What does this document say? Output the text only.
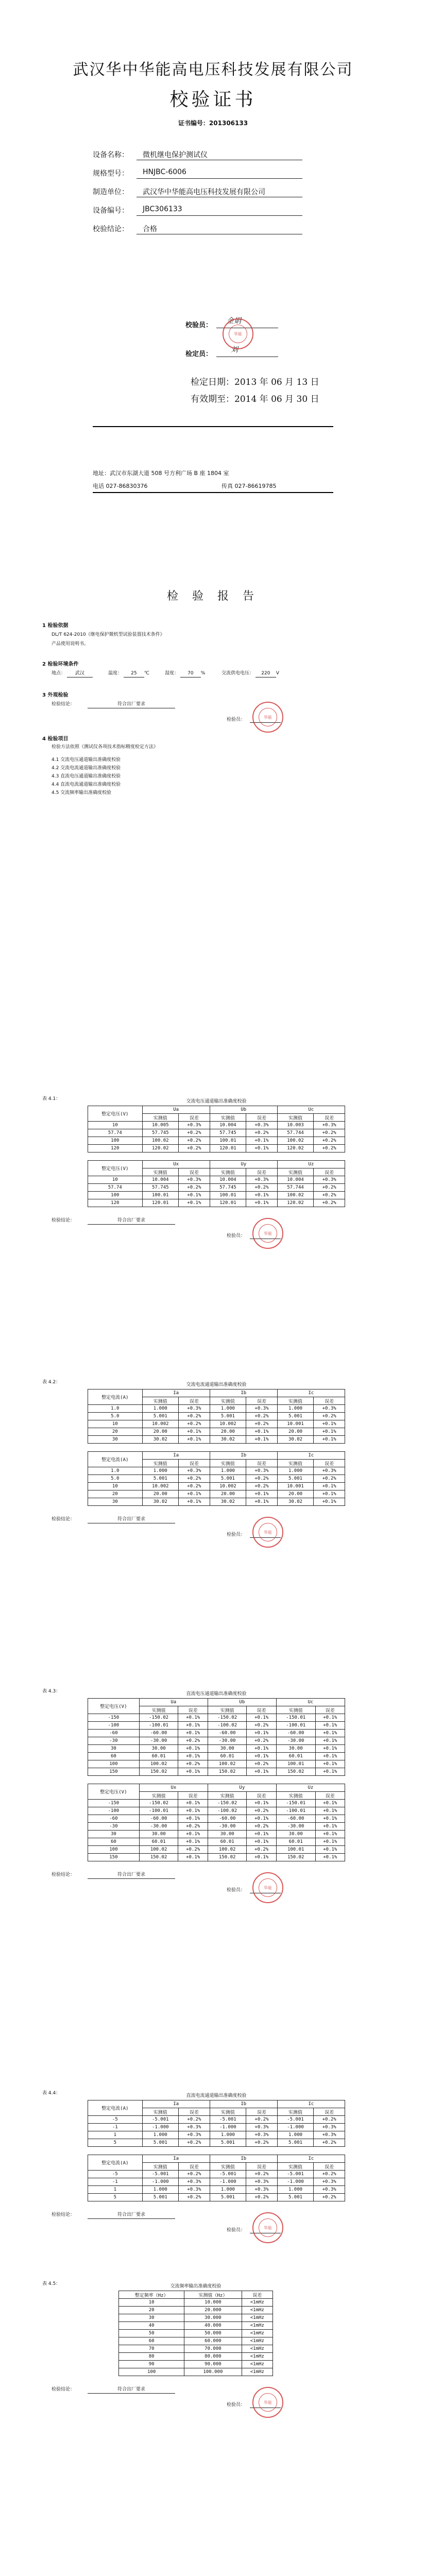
武汉华中华能高电压科技发展有限公司
校验证书
证书编号：201306133
设备名称：	微机继电保护测试仪
规格型号：	HNJBC-6006
制造单位：	武汉华中华能高电压科技发展有限公司
设备编号：	JBC306133
校验结论：	合格
校验员：
金娟
检定员：
刘
华能
检定日期：2013 年 06 月 13 日
有效期至：2014 年 06 月 30 日
地址：武汉市东湖大道 508 号方利广场 B 座 1804 室
电话 027-86830376	传真 027-86619785
检 验 报 告
1 检验依据
DL/T 624-2010《继电保护微机型试验装置技术条件》
产品使用说明书。
2 检验环境条件
地点： 武汉	温度： 25 ℃	湿度： 70 %	交流供电电压： 220 V
3 外观检验
检验结论：	符合出厂要求
检验员：	华能
4 检验项目
检验方法依照《测试仪各项技术指标精度检定方法》
4.1 交流电压通道输出准确度校验
4.2 交流电流通道输出准确度校验
4.3 直流电压通道输出准确度校验
4.4 直流电流通道输出准确度校验
4.5 交流频率输出准确度校验
表 4.1：	交流电压通道输出准确度校验
整定电压(V)	Ua		Ub		Uc	
	实测值	误差	实测值	误差	实测值	误差
10	10.005	+0.3%	10.004	+0.3%	10.003	+0.3%
57.74	57.745	+0.2%	57.745	+0.2%	57.744	+0.2%
100	100.02	+0.2%	100.01	+0.1%	100.02	+0.2%
120	120.02	+0.2%	120.01	+0.1%	120.02	+0.2%
整定电压(V)	Ux		Uy		Uz	
	实测值	误差	实测值	误差	实测值	误差
10	10.004	+0.3%	10.004	+0.3%	10.004	+0.3%
57.74	57.745	+0.2%	57.745	+0.2%	57.744	+0.2%
100	100.01	+0.1%	100.01	+0.1%	100.02	+0.2%
120	120.01	+0.1%	120.01	+0.1%	120.02	+0.2%
检验结论：	符合出厂要求
检验员：	华能
表 4.2：	交流电流通道输出准确度校验
整定电流(A)	Ia		Ib		Ic	
	实测值	误差	实测值	误差	实测值	误差
1.0	1.000	+0.3%	1.000	+0.3%	1.000	+0.3%
5.0	5.001	+0.2%	5.001	+0.2%	5.001	+0.2%
10	10.002	+0.2%	10.002	+0.2%	10.001	+0.1%
20	20.00	+0.1%	20.00	+0.1%	20.00	+0.1%
30	30.02	+0.1%	30.02	+0.1%	30.02	+0.1%
整定电流(A)	Ia		Ib		Ic	
	实测值	误差	实测值	误差	实测值	误差
1.0	1.000	+0.3%	1.000	+0.3%	1.000	+0.3%
5.0	5.001	+0.2%	5.001	+0.2%	5.001	+0.2%
10	10.002	+0.2%	10.002	+0.2%	10.001	+0.1%
20	20.00	+0.1%	20.00	+0.1%	20.00	+0.1%
30	30.02	+0.1%	30.02	+0.1%	30.02	+0.1%
检验结论：	符合出厂要求
检验员：	华能
表 4.3：	直流电压通道输出准确度校验
整定电压(V)	Ua		Ub		Uc	
	实测值	误差	实测值	误差	实测值	误差
-150	-150.02	+0.1%	-150.02	+0.1%	-150.01	+0.1%
-100	-100.01	+0.1%	-100.02	+0.2%	-100.01	+0.1%
-60	-60.00	+0.1%	-60.00	+0.1%	-60.00	+0.1%
-30	-30.00	+0.2%	-30.00	+0.2%	-30.00	+0.1%
30	30.00	+0.1%	30.00	+0.1%	30.00	+0.1%
60	60.01	+0.1%	60.01	+0.1%	60.01	+0.1%
100	100.02	+0.2%	100.02	+0.2%	100.01	+0.1%
150	150.02	+0.1%	150.02	+0.1%	150.02	+0.1%
整定电压(V)	Ux		Uy		Uz	
	实测值	误差	实测值	误差	实测值	误差
-150	-150.02	+0.1%	-150.02	+0.1%	-150.01	+0.1%
-100	-100.01	+0.1%	-100.02	+0.2%	-100.01	+0.1%
-60	-60.00	+0.1%	-60.00	+0.1%	-60.00	+0.1%
-30	-30.00	+0.2%	-30.00	+0.2%	-30.00	+0.1%
30	30.00	+0.1%	30.00	+0.1%	30.00	+0.1%
60	60.01	+0.1%	60.01	+0.1%	60.01	+0.1%
100	100.02	+0.2%	100.02	+0.2%	100.01	+0.1%
150	150.02	+0.1%	150.02	+0.1%	150.02	+0.1%
检验结论：	符合出厂要求
检验员：	华能
表 4.4：	直流电流通道输出准确度校验
整定电流(A)	Ia		Ib		Ic	
	实测值	误差	实测值	误差	实测值	误差
-5	-5.001	+0.2%	-5.001	+0.2%	-5.001	+0.2%
-1	-1.000	+0.3%	-1.000	+0.3%	-1.000	+0.3%
1	1.000	+0.3%	1.000	+0.3%	1.000	+0.3%
5	5.001	+0.2%	5.001	+0.2%	5.001	+0.2%
整定电流(A)	Ia		Ib		Ic	
	实测值	误差	实测值	误差	实测值	误差
-5	-5.001	+0.2%	-5.001	+0.2%	-5.001	+0.2%
-1	-1.000	+0.3%	-1.000	+0.3%	-1.000	+0.3%
1	1.000	+0.3%	1.000	+0.3%	1.000	+0.3%
5	5.001	+0.2%	5.001	+0.2%	5.001	+0.2%
检验结论：	符合出厂要求
检验员：	华能
表 4.5：	交流频率输出准确度校验
整定频率（Hz）	实测值（Hz）	误差
10	10.000	<1mHz
20	20.000	<1mHz
30	30.000	<1mHz
40	40.000	<1mHz
50	50.000	<1mHz
60	60.000	<1mHz
70	70.000	<1mHz
80	80.000	<1mHz
90	90.000	<1mHz
100	100.000	<1mHz
检验结论：	符合出厂要求
检验员：	华能
